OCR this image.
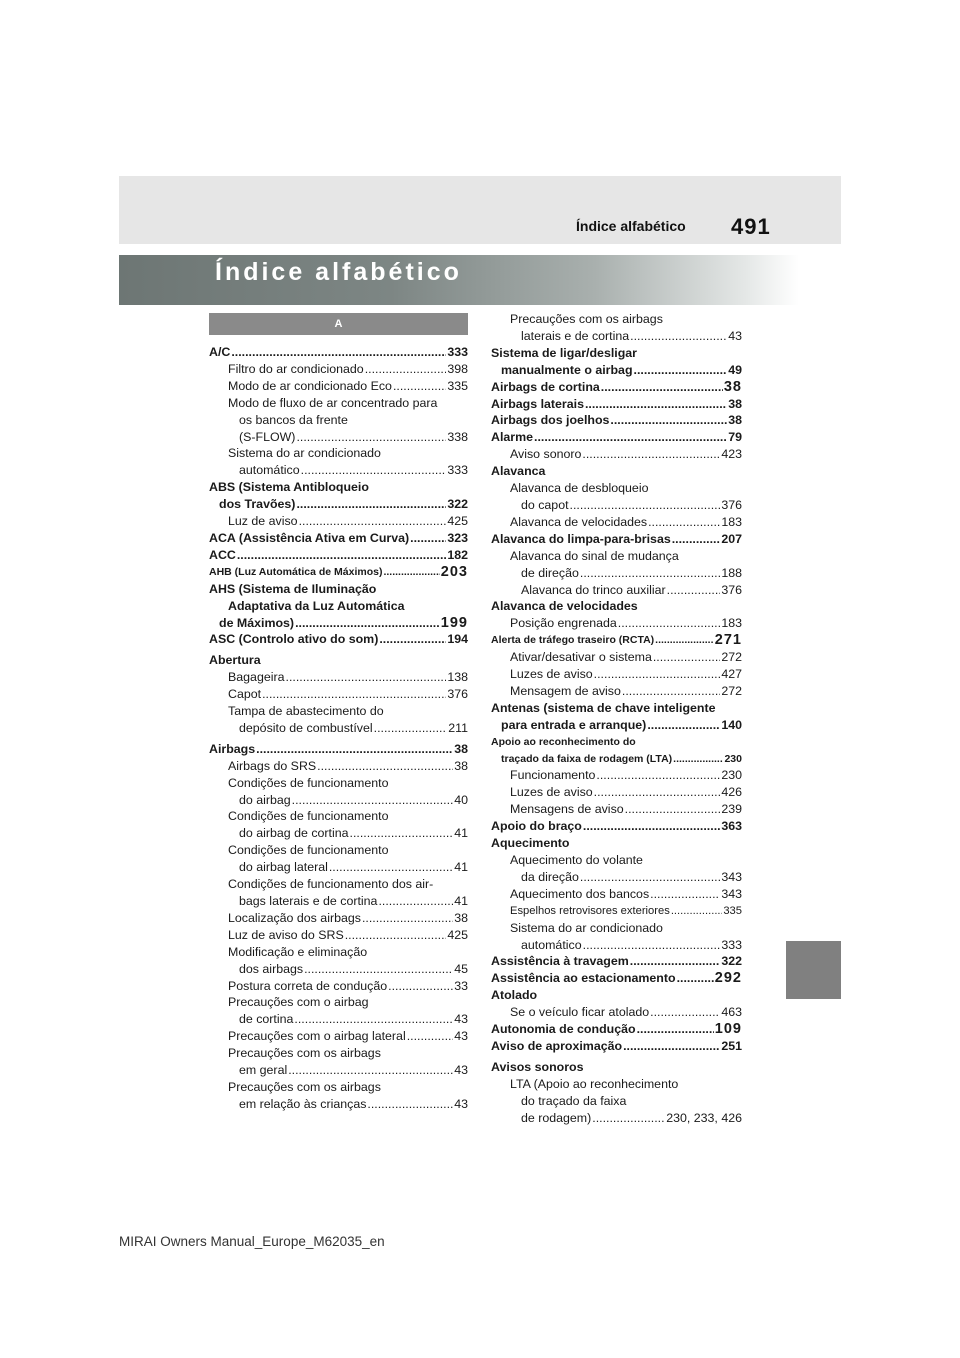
Índice alfabético 491
Índice alfabético
A
A/C .....	333
Filtro do ar condicionado .....	398
Modo de ar condicionado Eco .....	335
Modo de fluxo de ar concentrado para
os bancos da frente
(S-FLOW) .....	338
Sistema do ar condicionado
automático .....	333
ABS (Sistema Antibloqueio
dos Travões) .....	322
Luz de aviso .....	425
ACA (Assistência Ativa em Curva) .....	323
ACC .....	182
AHB (Luz Automática de Máximos) .....	203
AHS (Sistema de Iluminação
Adaptativa da Luz Automática
de Máximos) .....	199
ASC (Controlo ativo do som) .....	194
Abertura
Bagageira .....	138
Capot .....	376
Tampa de abastecimento do
depósito de combustível .....	211
Airbags .....	38
Airbags do SRS .....	38
Condições de funcionamento
do airbag .....	40
Condições de funcionamento
do airbag de cortina .....	41
Condições de funcionamento
do airbag lateral .....	41
Condições de funcionamento dos air-
bags laterais e de cortina .....	41
Localização dos airbags .....	38
Luz de aviso do SRS .....	425
Modificação e eliminação
dos airbags .....	45
Postura correta de condução .....	33
Precauções com o airbag
de cortina .....	43
Precauções com o airbag lateral .....	43
Precauções com os airbags
em geral .....	43
Precauções com os airbags
em relação às crianças .....	43
Precauções com os airbags
laterais e de cortina .....	43
Sistema de ligar/desligar
manualmente o airbag .....	49
Airbags de cortina .....	38
Airbags laterais .....	38
Airbags dos joelhos .....	38
Alarme .....	79
Aviso sonoro .....	423
Alavanca
Alavanca de desbloqueio
do capot .....	376
Alavanca de velocidades .....	183
Alavanca do limpa-para-brisas .....	207
Alavanca do sinal de mudança
de direção .....	188
Alavanca do trinco auxiliar .....	376
Alavanca de velocidades
Posição engrenada .....	183
Alerta de tráfego traseiro (RCTA) .....	271
Ativar/desativar o sistema .....	272
Luzes de aviso .....	427
Mensagem de aviso .....	272
Antenas (sistema de chave inteligente
para entrada e arranque) .....	140
Apoio ao reconhecimento do
traçado da faixa de rodagem (LTA) .....	230
Funcionamento .....	230
Luzes de aviso .....	426
Mensagens de aviso .....	239
Apoio do braço .....	363
Aquecimento
Aquecimento do volante
da direção .....	343
Aquecimento dos bancos .....	343
Espelhos retrovisores exteriores .....	335
Sistema do ar condicionado
automático .....	333
Assistência à travagem .....	322
Assistência ao estacionamento .....	292
Atolado
Se o veículo ficar atolado .....	463
Autonomia de condução .....	109
Aviso de aproximação .....	251
Avisos sonoros
LTA (Apoio ao reconhecimento
do traçado da faixa
de rodagem) .....	230, 233, 426
MIRAI Owners Manual_Europe_M62035_en
